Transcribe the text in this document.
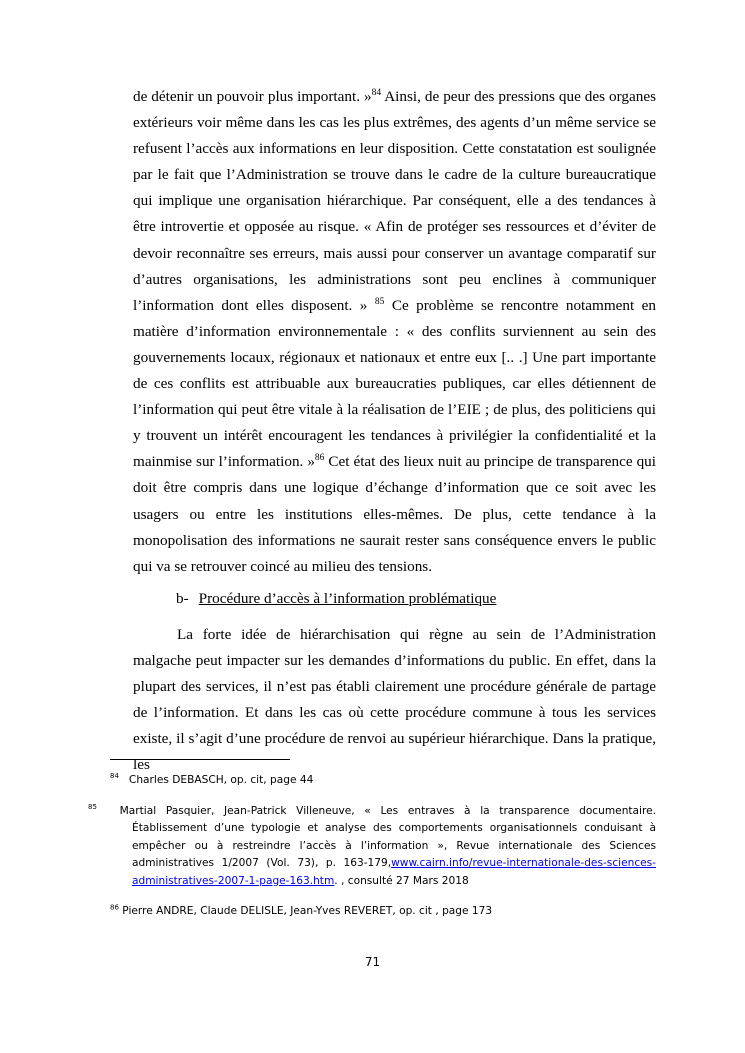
de détenir un pouvoir plus important. »$^{84}$ Ainsi, de peur des pressions que des organes extérieurs voir même dans les cas les plus extrêmes, des agents d’un même service se refusent l’accès aux informations en leur disposition. Cette constatation est soulignée par le fait que l’Administration se trouve dans le cadre de la culture bureaucratique qui implique une organisation hiérarchique. Par conséquent, elle a des tendances à être introvertie et opposée au risque. « Afin de protéger ses ressources et d’éviter de devoir reconnaître ses erreurs, mais aussi pour conserver un avantage comparatif sur d’autres organisations, les administrations sont peu enclines à communiquer l’information dont elles disposent. » $^{85}$ Ce problème se rencontre notamment en matière d’information environnementale : « des conflits surviennent au sein des gouvernements locaux, régionaux et nationaux et entre eux [.. .] Une part importante de ces conflits est attribuable aux bureaucraties publiques, car elles détiennent de l’information qui peut être vitale à la réalisation de l’EIE ; de plus, des politiciens qui y trouvent un intérêt encouragent les tendances à privilégier la confidentialité et la mainmise sur l’information. »$^{86}$ Cet état des lieux nuit au principe de transparence qui doit être compris dans une logique d’échange d’information que ce soit avec les usagers ou entre les institutions elles-mêmes. De plus, cette tendance à la monopolisation des informations ne saurait rester sans conséquence envers le public qui va se retrouver coincé au milieu des tensions.

b- Procédure d’accès à l’information problématique

La forte idée de hiérarchisation qui règne au sein de l’Administration malgache peut impacter sur les demandes d’informations du public. En effet, dans la plupart des services, il n’est pas établi clairement une procédure générale de partage de l’information. Et dans les cas où cette procédure commune à tous les services existe, il s’agit d’une procédure de renvoi au supérieur hiérarchique. Dans la pratique, les

$^{84}$ Charles DEBASCH, op. cit, page 44

85 Martial Pasquier, Jean-Patrick Villeneuve, « Les entraves à la transparence documentaire. Établissement d’une typologie et analyse des comportements organisationnels conduisant à empêcher ou à restreindre l’accès à l’information », Revue internationale des Sciences administratives 1/2007 (Vol. 73), p. 163-179,www.cairn.info/revue-internationale-des-sciences-administratives-2007-1-page-163.htm. , consulté 27 Mars 2018

$^{86}$ Pierre ANDRE, Claude DELISLE, Jean-Yves REVERET, op. cit , page 173

71
